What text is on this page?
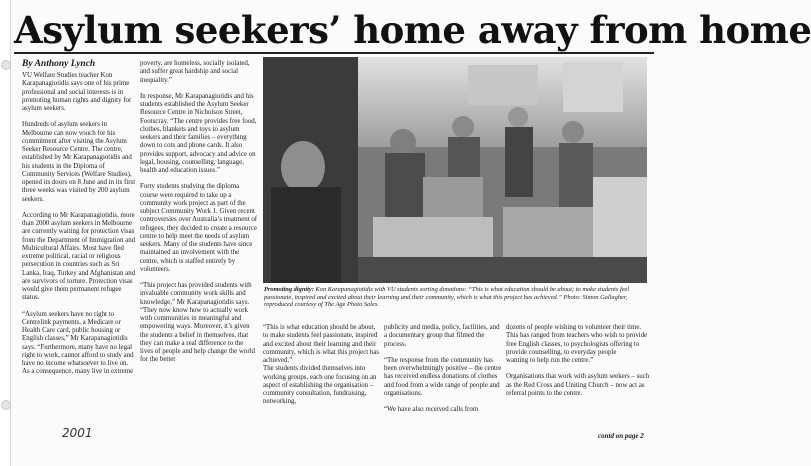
Asylum seekers’ home away from home
By Anthony Lynch

VU Welfare Studies teacher Kon Karapanagiotidis says one of his prime professional and social interests is in promoting human rights and dignity for asylum seekers.

Hundreds of asylum seekers in Melbourne can now vouch for his commitment after visiting the Asylum Seeker Resource Centre. The centre, established by Mr Karapanagiotidis and his students in the Diploma of Community Services (Welfare Studies), opened its doors on 8 June and in its first three weeks was visited by 200 asylum seekers.

According to Mr Karapanagiotidis, more than 2000 asylum seekers in Melbourne are currently waiting for protection visas from the Department of Immigration and Multicultural Affairs. Most have fled extreme political, racial or religious persecution in countries such as Sri Lanka, Iraq, Turkey and Afghanistan and are survivors of torture. Protection visas would give them permanent refugee status.

“Asylum seekers have no right to Centrelink payments, a Medicare or Health Care card, public housing or English classes,” Mr Karapanagiotidis says. “Furthermore, many have no legal right to work, cannot afford to study and have no income whatsoever to live on. As a consequence, many live in extreme

poverty, are homeless, socially isolated, and suffer great hardship and social inequality.”

In response, Mr Karapanagiotidis and his students established the Asylum Seeker Resource Centre in Nicholson Street, Footscray. “The centre provides free food, clothes, blankets and toys to asylum seekers and their families – everything down to cots and phone cards. It also provides support, advocacy and advice on legal, housing, counselling, language, health and education issues.”

Forty students studying the diploma course were required to take up a community work project as part of the subject Community Work 1. Given recent controversies over Australia’s treatment of refugees, they decided to create a resource centre to help meet the needs of asylum seekers. Many of the students have since maintained an involvement with the centre, which is staffed entirely by volunteers.

“This project has provided students with invaluable community work skills and knowledge,” Mr Karapanagiotidis says. “They now know how to actually work with communities in meaningful and empowering ways. Moreover, it’s given the students a belief in themselves, that they can make a real difference to the lives of people and help change the world for the better

Promoting dignity: Kon Karapanagiotidis with VU students sorting donations: “This is what education should be about; to make students feel passionate, inspired and excited about their learning and their community, which is what this project has achieved.” Photo: Simon Gallagher, reproduced courtesy of The Age Photo Sales.

“This is what education should be about, to make students feel passionate, inspired and excited about their learning and their community, which is what this project has achieved.”
The students divided themselves into working groups, each one focusing on an aspect of establishing the organisation – community consultation, fundraising, networking,

publicity and media, policy, facilities, and a documentary group that filmed the process.

“The response from the community has been overwhelmingly positive – the centre has received endless donations of clothes and food from a wide range of people and organisations.

“We have also received calls from

dozens of people wishing to volunteer their time. This has ranged from teachers who wish to provide free English classes, to psychologists offering to provide counselling, to everyday people
wanting to help run the centre.”

Organisations that work with asylum seekers – such as the Red Cross and Uniting Church – now act as referral points to the centre.

2001	contd on page 2
